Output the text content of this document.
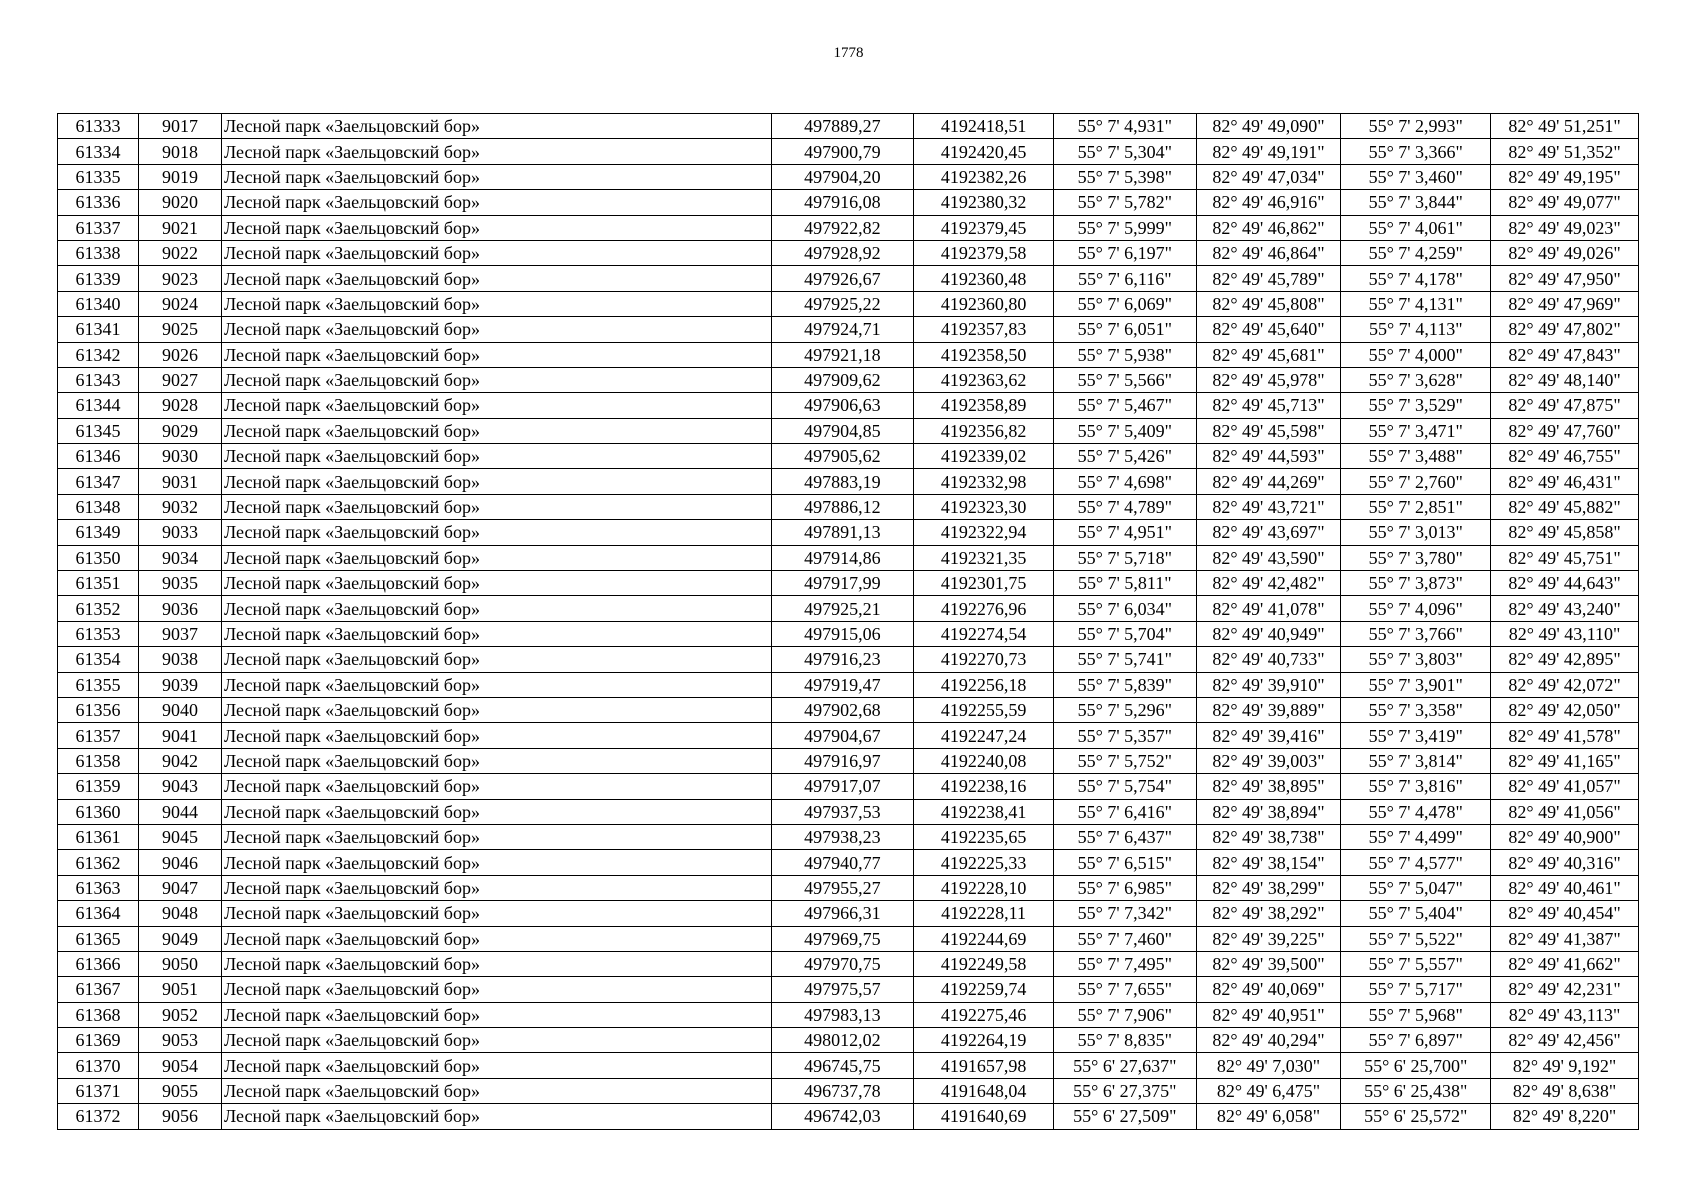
1778
61333	9017	Лесной парк «Заельцовский бор»	497889,27	4192418,51	55° 7' 4,931"	82° 49' 49,090"	55° 7' 2,993"	82° 49' 51,251"
61334	9018	Лесной парк «Заельцовский бор»	497900,79	4192420,45	55° 7' 5,304"	82° 49' 49,191"	55° 7' 3,366"	82° 49' 51,352"
61335	9019	Лесной парк «Заельцовский бор»	497904,20	4192382,26	55° 7' 5,398"	82° 49' 47,034"	55° 7' 3,460"	82° 49' 49,195"
61336	9020	Лесной парк «Заельцовский бор»	497916,08	4192380,32	55° 7' 5,782"	82° 49' 46,916"	55° 7' 3,844"	82° 49' 49,077"
61337	9021	Лесной парк «Заельцовский бор»	497922,82	4192379,45	55° 7' 5,999"	82° 49' 46,862"	55° 7' 4,061"	82° 49' 49,023"
61338	9022	Лесной парк «Заельцовский бор»	497928,92	4192379,58	55° 7' 6,197"	82° 49' 46,864"	55° 7' 4,259"	82° 49' 49,026"
61339	9023	Лесной парк «Заельцовский бор»	497926,67	4192360,48	55° 7' 6,116"	82° 49' 45,789"	55° 7' 4,178"	82° 49' 47,950"
61340	9024	Лесной парк «Заельцовский бор»	497925,22	4192360,80	55° 7' 6,069"	82° 49' 45,808"	55° 7' 4,131"	82° 49' 47,969"
61341	9025	Лесной парк «Заельцовский бор»	497924,71	4192357,83	55° 7' 6,051"	82° 49' 45,640"	55° 7' 4,113"	82° 49' 47,802"
61342	9026	Лесной парк «Заельцовский бор»	497921,18	4192358,50	55° 7' 5,938"	82° 49' 45,681"	55° 7' 4,000"	82° 49' 47,843"
61343	9027	Лесной парк «Заельцовский бор»	497909,62	4192363,62	55° 7' 5,566"	82° 49' 45,978"	55° 7' 3,628"	82° 49' 48,140"
61344	9028	Лесной парк «Заельцовский бор»	497906,63	4192358,89	55° 7' 5,467"	82° 49' 45,713"	55° 7' 3,529"	82° 49' 47,875"
61345	9029	Лесной парк «Заельцовский бор»	497904,85	4192356,82	55° 7' 5,409"	82° 49' 45,598"	55° 7' 3,471"	82° 49' 47,760"
61346	9030	Лесной парк «Заельцовский бор»	497905,62	4192339,02	55° 7' 5,426"	82° 49' 44,593"	55° 7' 3,488"	82° 49' 46,755"
61347	9031	Лесной парк «Заельцовский бор»	497883,19	4192332,98	55° 7' 4,698"	82° 49' 44,269"	55° 7' 2,760"	82° 49' 46,431"
61348	9032	Лесной парк «Заельцовский бор»	497886,12	4192323,30	55° 7' 4,789"	82° 49' 43,721"	55° 7' 2,851"	82° 49' 45,882"
61349	9033	Лесной парк «Заельцовский бор»	497891,13	4192322,94	55° 7' 4,951"	82° 49' 43,697"	55° 7' 3,013"	82° 49' 45,858"
61350	9034	Лесной парк «Заельцовский бор»	497914,86	4192321,35	55° 7' 5,718"	82° 49' 43,590"	55° 7' 3,780"	82° 49' 45,751"
61351	9035	Лесной парк «Заельцовский бор»	497917,99	4192301,75	55° 7' 5,811"	82° 49' 42,482"	55° 7' 3,873"	82° 49' 44,643"
61352	9036	Лесной парк «Заельцовский бор»	497925,21	4192276,96	55° 7' 6,034"	82° 49' 41,078"	55° 7' 4,096"	82° 49' 43,240"
61353	9037	Лесной парк «Заельцовский бор»	497915,06	4192274,54	55° 7' 5,704"	82° 49' 40,949"	55° 7' 3,766"	82° 49' 43,110"
61354	9038	Лесной парк «Заельцовский бор»	497916,23	4192270,73	55° 7' 5,741"	82° 49' 40,733"	55° 7' 3,803"	82° 49' 42,895"
61355	9039	Лесной парк «Заельцовский бор»	497919,47	4192256,18	55° 7' 5,839"	82° 49' 39,910"	55° 7' 3,901"	82° 49' 42,072"
61356	9040	Лесной парк «Заельцовский бор»	497902,68	4192255,59	55° 7' 5,296"	82° 49' 39,889"	55° 7' 3,358"	82° 49' 42,050"
61357	9041	Лесной парк «Заельцовский бор»	497904,67	4192247,24	55° 7' 5,357"	82° 49' 39,416"	55° 7' 3,419"	82° 49' 41,578"
61358	9042	Лесной парк «Заельцовский бор»	497916,97	4192240,08	55° 7' 5,752"	82° 49' 39,003"	55° 7' 3,814"	82° 49' 41,165"
61359	9043	Лесной парк «Заельцовский бор»	497917,07	4192238,16	55° 7' 5,754"	82° 49' 38,895"	55° 7' 3,816"	82° 49' 41,057"
61360	9044	Лесной парк «Заельцовский бор»	497937,53	4192238,41	55° 7' 6,416"	82° 49' 38,894"	55° 7' 4,478"	82° 49' 41,056"
61361	9045	Лесной парк «Заельцовский бор»	497938,23	4192235,65	55° 7' 6,437"	82° 49' 38,738"	55° 7' 4,499"	82° 49' 40,900"
61362	9046	Лесной парк «Заельцовский бор»	497940,77	4192225,33	55° 7' 6,515"	82° 49' 38,154"	55° 7' 4,577"	82° 49' 40,316"
61363	9047	Лесной парк «Заельцовский бор»	497955,27	4192228,10	55° 7' 6,985"	82° 49' 38,299"	55° 7' 5,047"	82° 49' 40,461"
61364	9048	Лесной парк «Заельцовский бор»	497966,31	4192228,11	55° 7' 7,342"	82° 49' 38,292"	55° 7' 5,404"	82° 49' 40,454"
61365	9049	Лесной парк «Заельцовский бор»	497969,75	4192244,69	55° 7' 7,460"	82° 49' 39,225"	55° 7' 5,522"	82° 49' 41,387"
61366	9050	Лесной парк «Заельцовский бор»	497970,75	4192249,58	55° 7' 7,495"	82° 49' 39,500"	55° 7' 5,557"	82° 49' 41,662"
61367	9051	Лесной парк «Заельцовский бор»	497975,57	4192259,74	55° 7' 7,655"	82° 49' 40,069"	55° 7' 5,717"	82° 49' 42,231"
61368	9052	Лесной парк «Заельцовский бор»	497983,13	4192275,46	55° 7' 7,906"	82° 49' 40,951"	55° 7' 5,968"	82° 49' 43,113"
61369	9053	Лесной парк «Заельцовский бор»	498012,02	4192264,19	55° 7' 8,835"	82° 49' 40,294"	55° 7' 6,897"	82° 49' 42,456"
61370	9054	Лесной парк «Заельцовский бор»	496745,75	4191657,98	55° 6' 27,637"	82° 49' 7,030"	55° 6' 25,700"	82° 49' 9,192"
61371	9055	Лесной парк «Заельцовский бор»	496737,78	4191648,04	55° 6' 27,375"	82° 49' 6,475"	55° 6' 25,438"	82° 49' 8,638"
61372	9056	Лесной парк «Заельцовский бор»	496742,03	4191640,69	55° 6' 27,509"	82° 49' 6,058"	55° 6' 25,572"	82° 49' 8,220"
